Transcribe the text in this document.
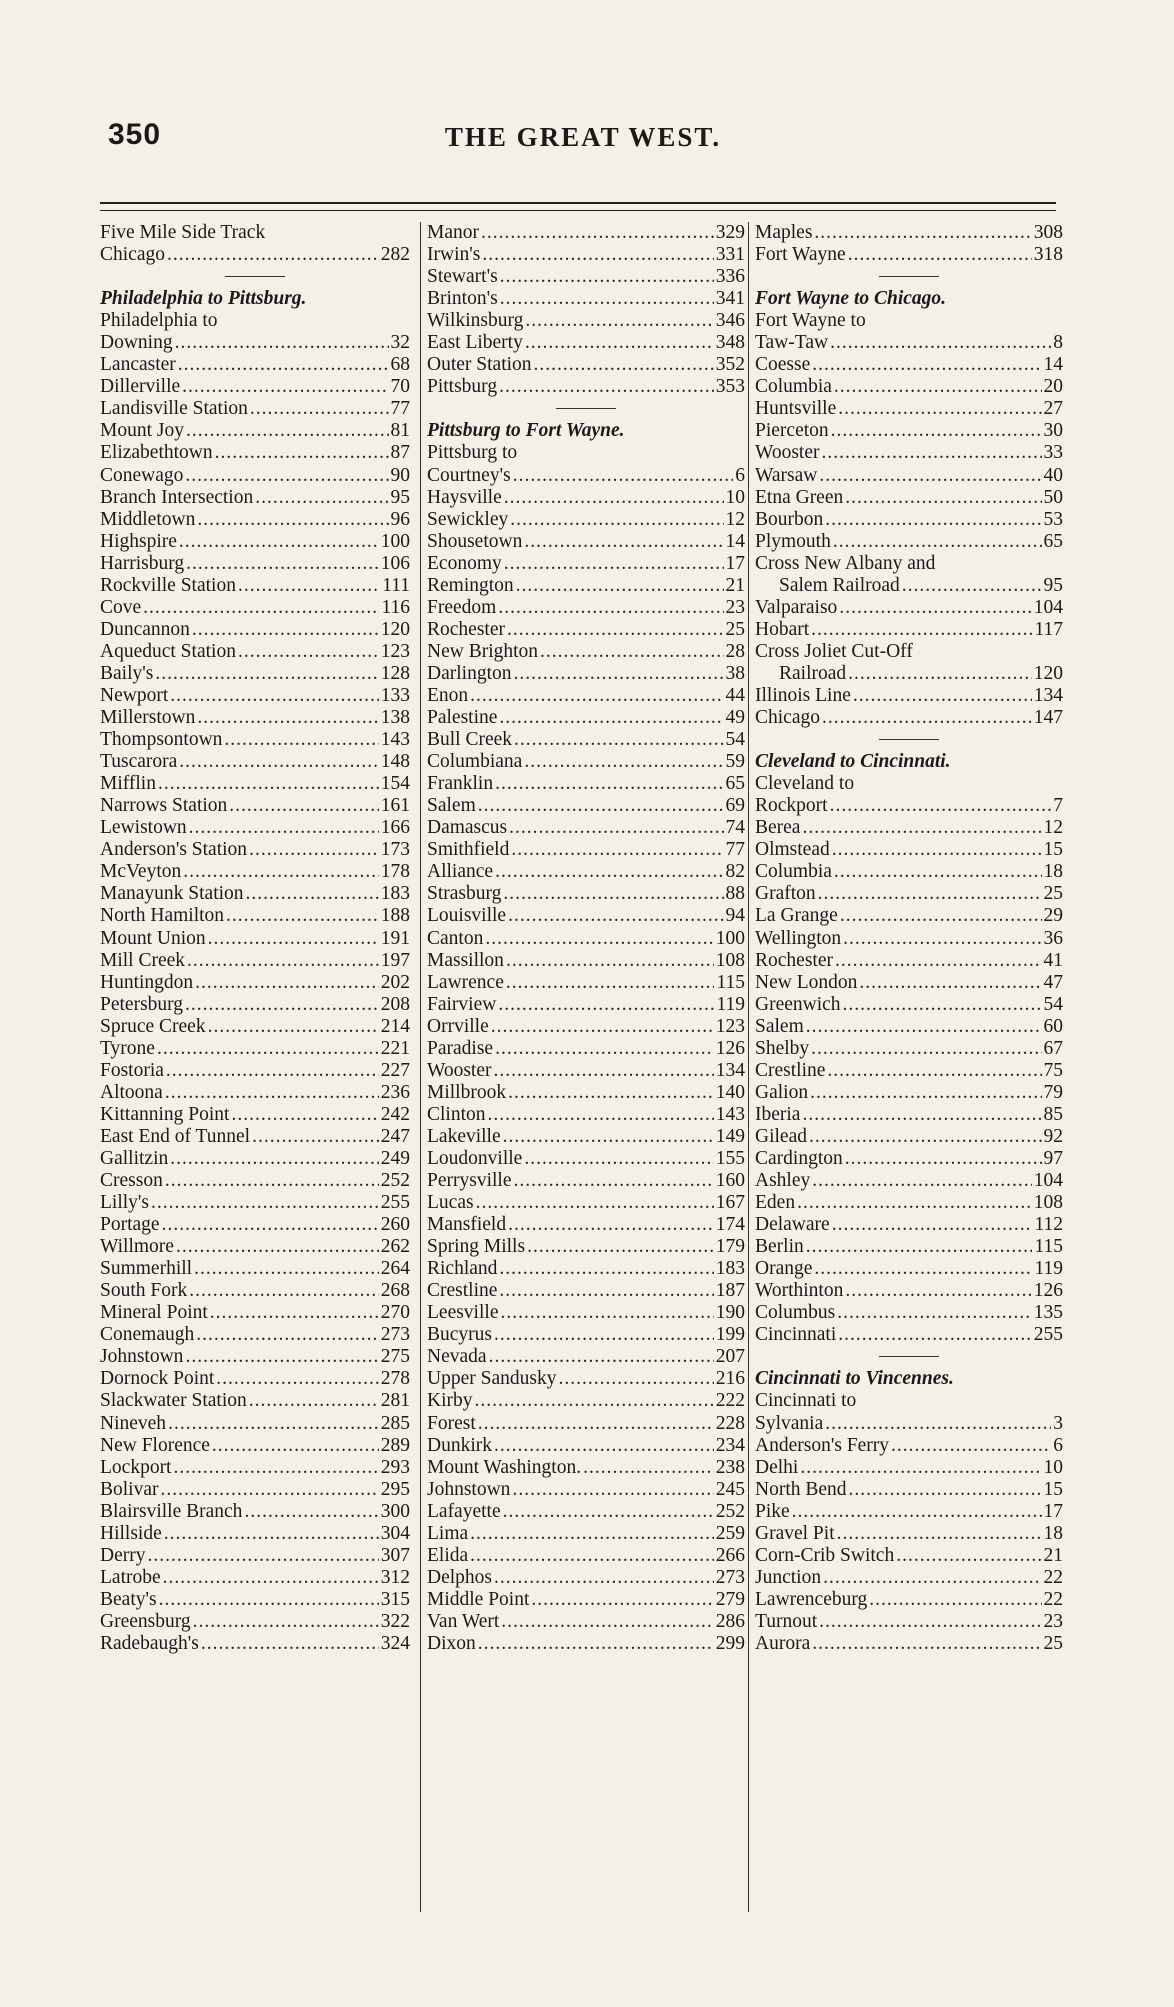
350	THE GREAT WEST.
Five Mile Side Track
Chicago .....	282
Philadelphia to Pittsburg.
Philadelphia to
Downing .....	32
Lancaster .....	68
Dillerville .....	70
Landisville Station .....	77
Mount Joy .....	81
Elizabethtown .....	87
Conewago .....	90
Branch Intersection .....	95
Middletown .....	96
Highspire .....	100
Harrisburg .....	106
Rockville Station .....	111
Cove .....	116
Duncannon .....	120
Aqueduct Station .....	123
Baily's .....	128
Newport .....	133
Millerstown .....	138
Thompsontown .....	143
Tuscarora .....	148
Mifflin .....	154
Narrows Station .....	161
Lewistown .....	166
Anderson's Station .....	173
McVeyton .....	178
Manayunk Station .....	183
North Hamilton .....	188
Mount Union .....	191
Mill Creek .....	197
Huntingdon .....	202
Petersburg .....	208
Spruce Creek .....	214
Tyrone .....	221
Fostoria .....	227
Altoona .....	236
Kittanning Point .....	242
East End of Tunnel .....	247
Gallitzin .....	249
Cresson .....	252
Lilly's .....	255
Portage .....	260
Willmore .....	262
Summerhill .....	264
South Fork .....	268
Mineral Point .....	270
Conemaugh .....	273
Johnstown .....	275
Dornock Point .....	278
Slackwater Station .....	281
Nineveh .....	285
New Florence .....	289
Lockport .....	293
Bolivar .....	295
Blairsville Branch .....	300
Hillside .....	304
Derry .....	307
Latrobe .....	312
Beaty's .....	315
Greensburg .....	322
Radebaugh's .....	324
Manor .....	329
Irwin's .....	331
Stewart's .....	336
Brinton's .....	341
Wilkinsburg .....	346
East Liberty .....	348
Outer Station .....	352
Pittsburg .....	353
Pittsburg to Fort Wayne.
Pittsburg to
Courtney's .....	6
Haysville .....	10
Sewickley .....	12
Shousetown .....	14
Economy .....	17
Remington .....	21
Freedom .....	23
Rochester .....	25
New Brighton .....	28
Darlington .....	38
Enon .....	44
Palestine .....	49
Bull Creek .....	54
Columbiana .....	59
Franklin .....	65
Salem .....	69
Damascus .....	74
Smithfield .....	77
Alliance .....	82
Strasburg .....	88
Louisville .....	94
Canton .....	100
Massillon .....	108
Lawrence .....	115
Fairview .....	119
Orrville .....	123
Paradise .....	126
Wooster .....	134
Millbrook .....	140
Clinton .....	143
Lakeville .....	149
Loudonville .....	155
Perrysville .....	160
Lucas .....	167
Mansfield .....	174
Spring Mills .....	179
Richland .....	183
Crestline .....	187
Leesville .....	190
Bucyrus .....	199
Nevada .....	207
Upper Sandusky .....	216
Kirby .....	222
Forest .....	228
Dunkirk .....	234
Mount Washington. .....	238
Johnstown .....	245
Lafayette .....	252
Lima .....	259
Elida .....	266
Delphos .....	273
Middle Point .....	279
Van Wert .....	286
Dixon .....	299
Maples .....	308
Fort Wayne .....	318
Fort Wayne to Chicago.
Fort Wayne to
Taw-Taw .....	8
Coesse .....	14
Columbia .....	20
Huntsville .....	27
Pierceton .....	30
Wooster .....	33
Warsaw .....	40
Etna Green .....	50
Bourbon .....	53
Plymouth .....	65
Cross New Albany and
Salem Railroad .....	95
Valparaiso .....	104
Hobart .....	117
Cross Joliet Cut-Off
Railroad .....	120
Illinois Line .....	134
Chicago .....	147
Cleveland to Cincinnati.
Cleveland to
Rockport .....	7
Berea .....	12
Olmstead .....	15
Columbia .....	18
Grafton .....	25
La Grange .....	29
Wellington .....	36
Rochester .....	41
New London .....	47
Greenwich .....	54
Salem .....	60
Shelby .....	67
Crestline .....	75
Galion .....	79
Iberia .....	85
Gilead .....	92
Cardington .....	97
Ashley .....	104
Eden .....	108
Delaware .....	112
Berlin .....	115
Orange .....	119
Worthinton .....	126
Columbus .....	135
Cincinnati .....	255
Cincinnati to Vincennes.
Cincinnati to
Sylvania .....	3
Anderson's Ferry .....	6
Delhi .....	10
North Bend .....	15
Pike .....	17
Gravel Pit .....	18
Corn-Crib Switch .....	21
Junction .....	22
Lawrenceburg .....	22
Turnout .....	23
Aurora .....	25
